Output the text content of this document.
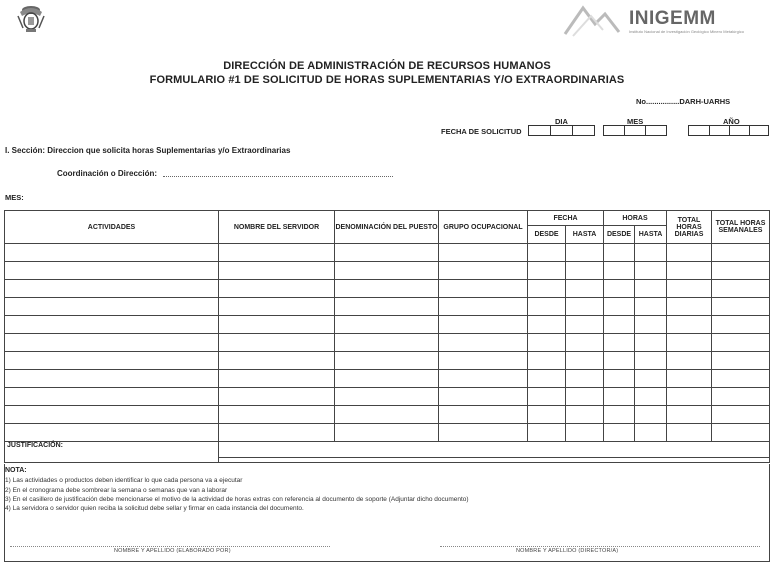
INIGEMM
Instituto Nacional de Investigación Geológico Minero Metalúrgico
DIRECCIÓN DE ADMINISTRACIÓN DE RECURSOS HUMANOS
FORMULARIO #1 DE SOLICITUD DE HORAS SUPLEMENTARIAS Y/O EXTRAORDINARIAS
No................DARH-UARHS
DIA	MES	AÑO
FECHA DE SOLICITUD
I. Sección: Direccion que solicita horas Suplementarias y/o Extraordinarias
Coordinación o Dirección:
MES:
ACTIVIDADES	NOMBRE DEL SERVIDOR	DENOMINACIÓN DEL PUESTO	GRUPO OCUPACIONAL	FECHA		HORAS		TOTAL HORAS DIARIAS	TOTAL HORAS SEMANALES
				DESDE	HASTA	DESDE	HASTA		

JUSTIFICACIÓN:									
NOTA:
1) Las actividades o productos deben identificar lo que cada persona va a ejecutar
2) En el cronograma debe sombrear la semana o semanas que van a laborar
3) En el casillero de justificación debe mencionarse el motivo de la actividad de horas extras con referencia al documento de soporte (Adjuntar dicho documento)
4) La servidora o servidor quien reciba la solicitud debe sellar y firmar en cada instancia del documento.
NOMBRE Y APELLIDO (ELABORADO POR)	NOMBRE Y APELLIDO (DIRECTOR/A)
